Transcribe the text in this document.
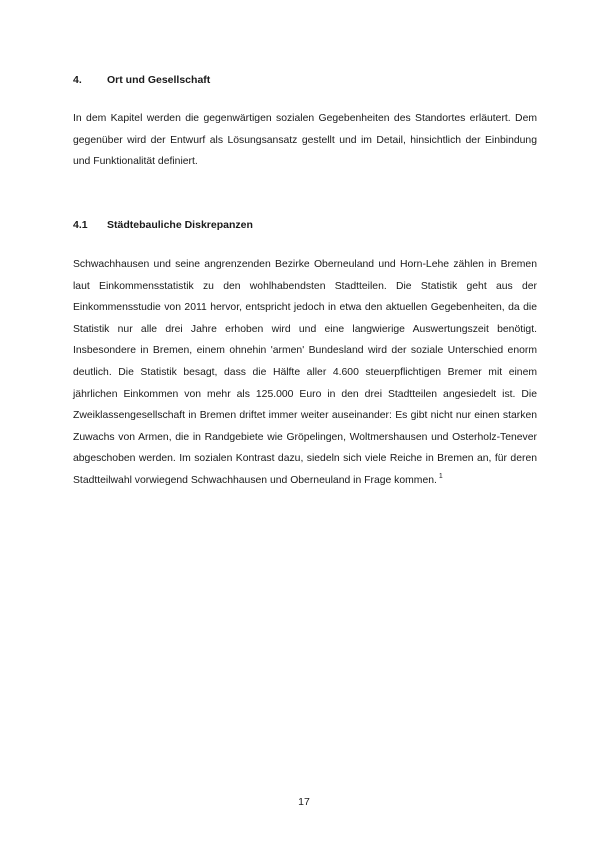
4. Ort und Gesellschaft

In dem Kapitel werden die gegenwärtigen sozialen Gegebenheiten des Standortes erläutert. Dem gegenüber wird der Entwurf als Lösungsansatz gestellt und im Detail, hinsichtlich der Einbindung und Funktionalität definiert.

4.1 Städtebauliche Diskrepanzen

Schwachhausen und seine angrenzenden Bezirke Oberneuland und Horn-Lehe zählen in Bremen laut Einkommensstatistik zu den wohlhabendsten Stadtteilen. Die Statistik geht aus der Einkommensstudie von 2011 hervor, entspricht jedoch in etwa den aktuellen Gegebenheiten, da die Statistik nur alle drei Jahre erhoben wird und eine langwierige Auswertungszeit benötigt. Insbesondere in Bremen, einem ohnehin 'armen' Bundesland wird der soziale Unterschied enorm deutlich. Die Statistik besagt, dass die Hälfte aller 4.600 steuerpflichtigen Bremer mit einem jährlichen Einkommen von mehr als 125.000 Euro in den drei Stadtteilen angesiedelt ist. Die Zweiklassengesellschaft in Bremen driftet immer weiter auseinander: Es gibt nicht nur einen starken Zuwachs von Armen, die in Randgebiete wie Gröpelingen, Woltmershausen und Osterholz-Tenever abgeschoben werden. Im sozialen Kontrast dazu, siedeln sich viele Reiche in Bremen an, für deren Stadtteilwahl vorwiegend Schwachhausen und Oberneuland in Frage kommen. $^1$

17
